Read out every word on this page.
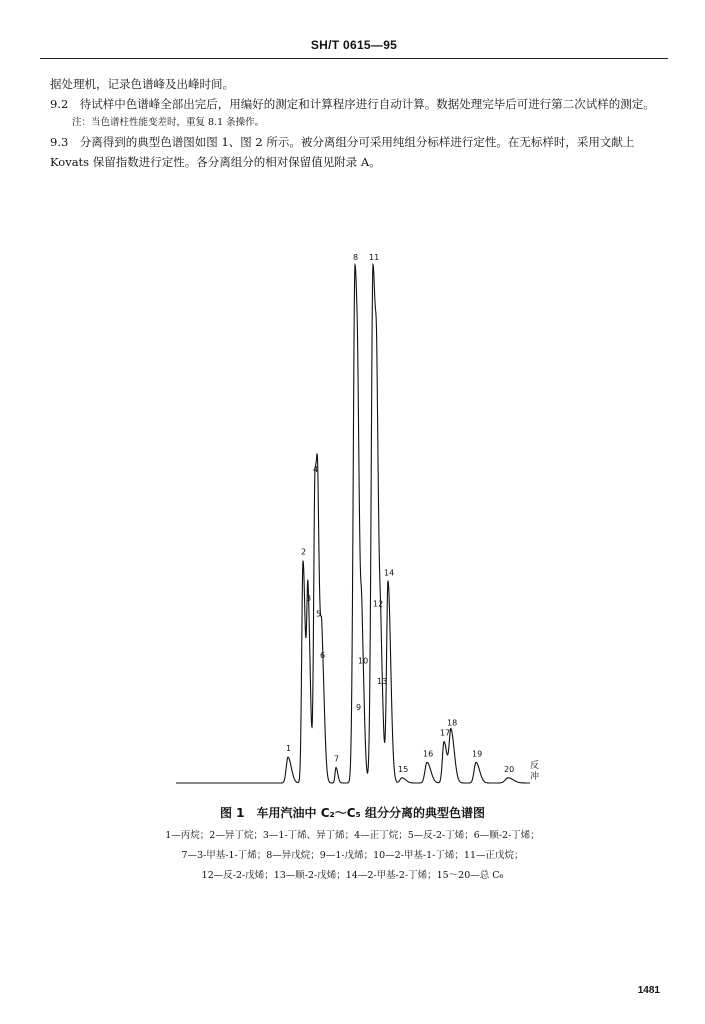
SH/T 0615—95

据处理机，记录色谱峰及出峰时间。

9.2　待试样中色谱峰全部出完后，用编好的测定和计算程序进行自动计算。数据处理完毕后可进行第二次试样的测定。

注：当色谱柱性能变差时，重复 8.1 条操作。

9.3　分离得到的典型色谱图如图 1、图 2 所示。被分离组分可采用纯组分标样进行定性。在无标样时，采用文献上 Kovats 保留指数进行定性。各分离组分的相对保留值见附录 A。

1
2
3
4
5
6
7
8
9
10
11
12
13
14
15
16
17
18
19
20 反
冲
图 1　车用汽油中 C₂～C₅ 组分分离的典型色谱图
1—丙烷；2—异丁烷；3—1-丁烯、异丁烯；4—正丁烷；5—反-2-丁烯；6—顺-2-丁烯；
7—3-甲基-1-丁烯；8—异戊烷；9—1-戊烯；10—2-甲基-1-丁烯；11—正戊烷；
12—反-2-戊烯；13—顺-2-戊烯；14—2-甲基-2-丁烯；15～20—总 C₆
1481
